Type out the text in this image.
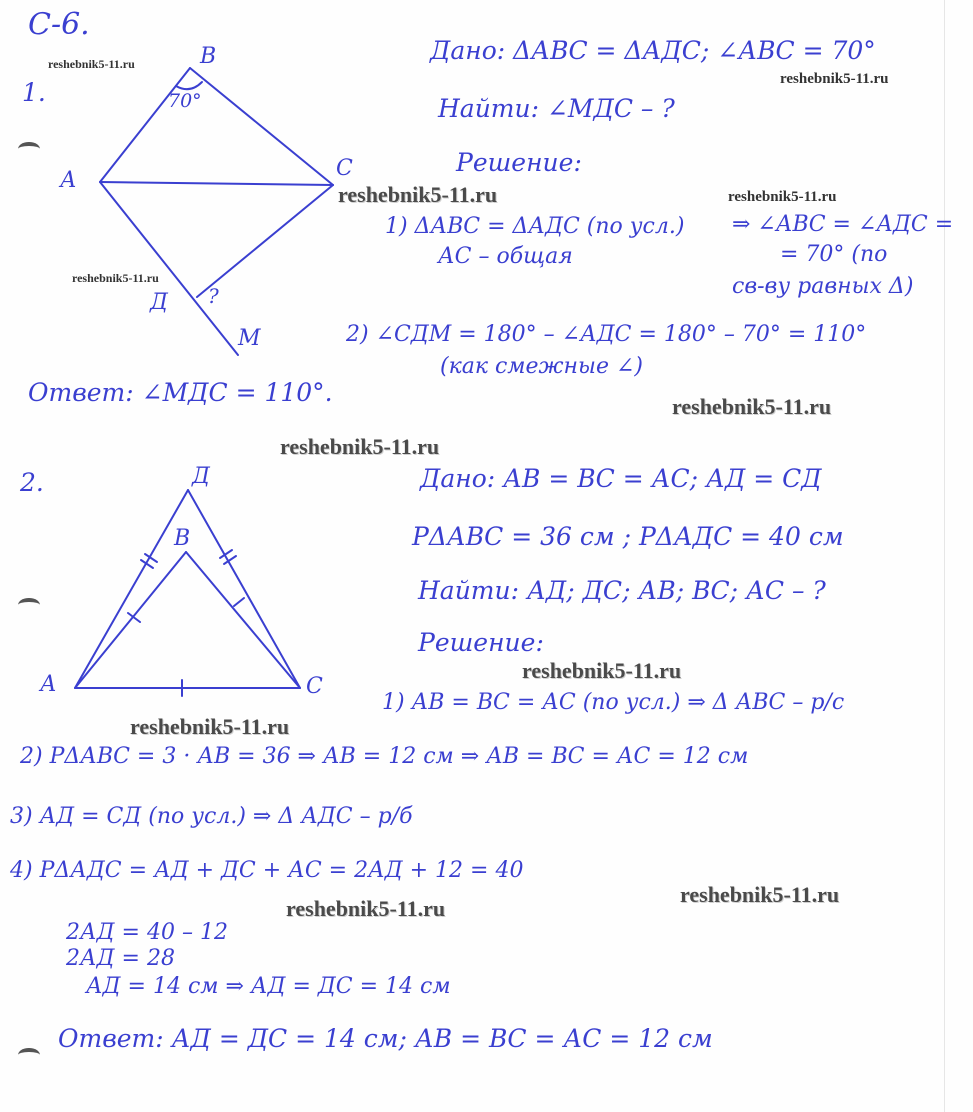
С-6.
1.
В
А	С
Д
М
70°
?
Дано: ΔАВС = ΔАДС; ∠АВС = 70°
Найти: ∠МДС – ?
Решение:
1) ΔАВС = ΔАДС (по усл.)
АС – общая
⇒ ∠АВС = ∠АДС =
= 70° (по
св-ву равных Δ)
2) ∠СДМ = 180° – ∠АДС = 180° – 70° = 110°
(как смежные ∠)
Ответ: ∠МДС = 110°.
2.	Д
В
А	С
Дано: АВ = ВС = АС; АД = СД
PΔАВС = 36 см ; PΔАДС = 40 см
Найти: АД; ДС; АВ; ВС; АС – ?
Решение:
1) АВ = ВС = АС (по усл.) ⇒ Δ АВС – р/с
2) PΔАВС = 3 · АВ = 36 ⇒ АВ = 12 см ⇒ АВ = ВС = АС = 12 см
3) АД = СД (по усл.) ⇒ Δ АДС – р/б
4) PΔАДС = АД + ДС + АС = 2АД + 12 = 40
2АД = 40 – 12
2АД = 28
АД = 14 см ⇒ АД = ДС = 14 см
Ответ: АД = ДС = 14 см; АВ = ВС = АС = 12 см
reshebnik5-11.ru
reshebnik5-11.ru
reshebnik5-11.ru	reshebnik5-11.ru
reshebnik5-11.ru
reshebnik5-11.ru
reshebnik5-11.ru
reshebnik5-11.ru
reshebnik5-11.ru
reshebnik5-11.ru
reshebnik5-11.ru
